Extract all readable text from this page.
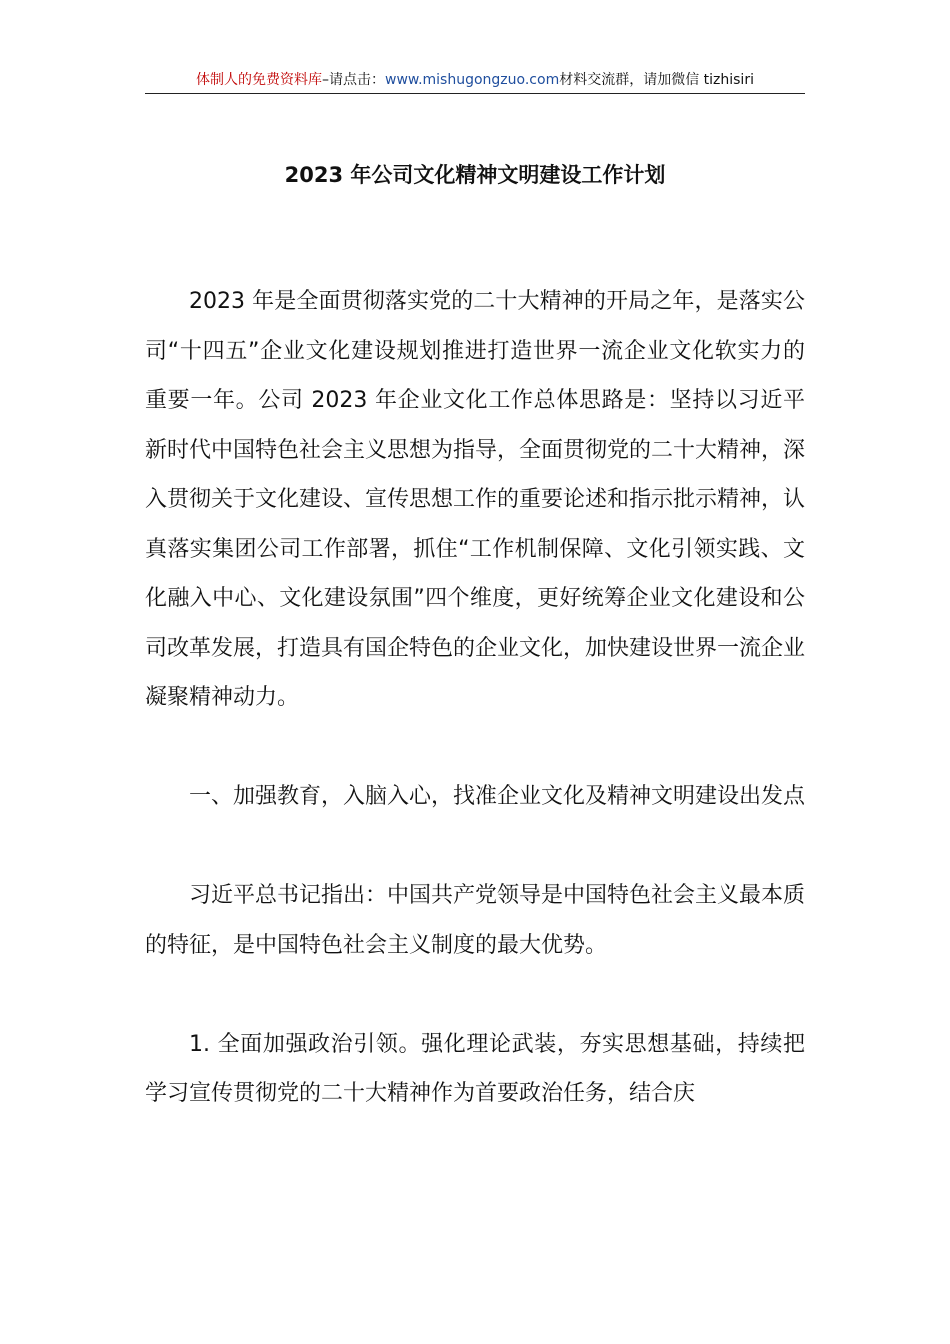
体制人的免费资料库–请点击：www.mishugongzuo.com材料交流群，请加微信 tizhisiri
2023 年公司文化精神文明建设工作计划

2023 年是全面贯彻落实党的二十大精神的开局之年，是落实公司“十四五”企业文化建设规划推进打造世界一流企业文化软实力的重要一年。公司 2023 年企业文化工作总体思路是：坚持以习近平新时代中国特色社会主义思想为指导，全面贯彻党的二十大精神，深入贯彻关于文化建设、宣传思想工作的重要论述和指示批示精神，认真落实集团公司工作部署，抓住“工作机制保障、文化引领实践、文化融入中心、文化建设氛围”四个维度，更好统筹企业文化建设和公司改革发展，打造具有国企特色的企业文化，加快建设世界一流企业凝聚精神动力。

一、加强教育，入脑入心，找准企业文化及精神文明建设出发点

习近平总书记指出：中国共产党领导是中国特色社会主义最本质的特征，是中国特色社会主义制度的最大优势。

1. 全面加强政治引领。强化理论武装，夯实思想基础，持续把学习宣传贯彻党的二十大精神作为首要政治任务，结合庆
